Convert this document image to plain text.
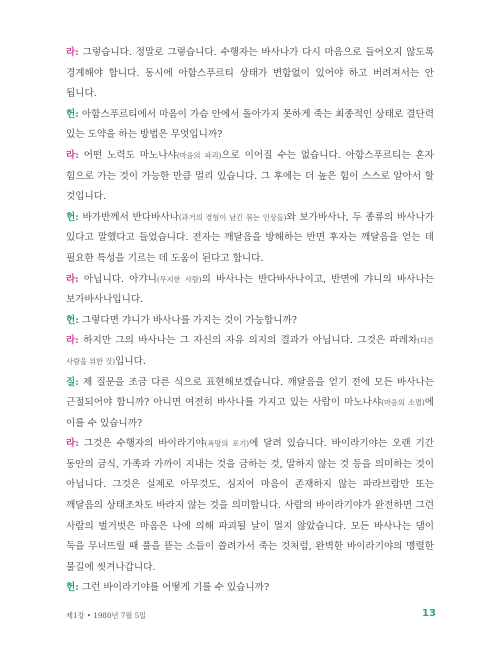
라: 그렇습니다. 정말로 그렇습니다. 수행자는 바사나가 다시 마음으로 들어오지 않도록 경계해야 합니다. 동시에 아함스푸르티 상태가 변함없이 있어야 하고 버려져서는 안 됩니다.

헌: 아함스푸르티에서 마음이 가슴 안에서 돌아가지 못하게 죽는 최종적인 상태로 결단력 있는 도약을 하는 방법은 무엇입니까?

라: 어떤 노력도 마노나샤(마음의 파괴)으로 이어질 수는 없습니다. 아함스푸르티는 혼자 힘으로 가는 것이 가능한 만큼 멀리 있습니다. 그 후에는 더 높은 힘이 스스로 알아서 할 것입니다.

헌: 바가반께서 반다바사나(과거의 경험이 남긴 묶는 인상들)와 보가바사나, 두 종류의 바사나가 있다고 말했다고 들었습니다. 전자는 깨달음을 방해하는 반면 후자는 깨달음을 얻는 데 필요한 특성을 기르는 데 도움이 된다고 합니다.

라: 아닙니다. 아갸니(무지한 사람)의 바사나는 반다바사나이고, 반면에 갸니의 바사나는 보가바사나입니다.

헌: 그렇다면 갸니가 바사나를 가지는 것이 가능합니까?

라: 하지만 그의 바사나는 그 자신의 자유 의지의 결과가 아닙니다. 그것은 파레차(다른 사람을 위한 것)입니다.

질: 제 질문을 조금 다른 식으로 표현해보겠습니다. 깨달음을 얻기 전에 모든 바사나는 근절되어야 합니까? 아니면 여전히 바사나를 가지고 있는 사람이 마노나샤(마음의 소멸)에 이를 수 있습니까?

라: 그것은 수행자의 바이라기야(욕망의 포기)에 달려 있습니다. 바이라기야는 오랜 기간 동안의 금식, 가족과 가까이 지내는 것을 금하는 것, 말하지 않는 것 등을 의미하는 것이 아닙니다. 그것은 실제로 아무것도, 심지어 마음이 존재하지 않는 파라브람만 또는 깨달음의 상태조차도 바라지 않는 것을 의미합니다. 사람의 바이라기야가 완전하면 그런 사람의 벌거벗은 마음은 나에 의해 파괴될 날이 멀지 않았습니다. 모든 바사나는 댐이 둑을 무너뜨릴 때 풀을 뜯는 소들이 쓸려가서 죽는 것처럼, 완벽한 바이라기야의 맹렬한 물길에 씻겨나갑니다.

헌: 그런 바이라기야를 어떻게 기를 수 있습니까?

제1장 • 1980년 7월 5일	13
